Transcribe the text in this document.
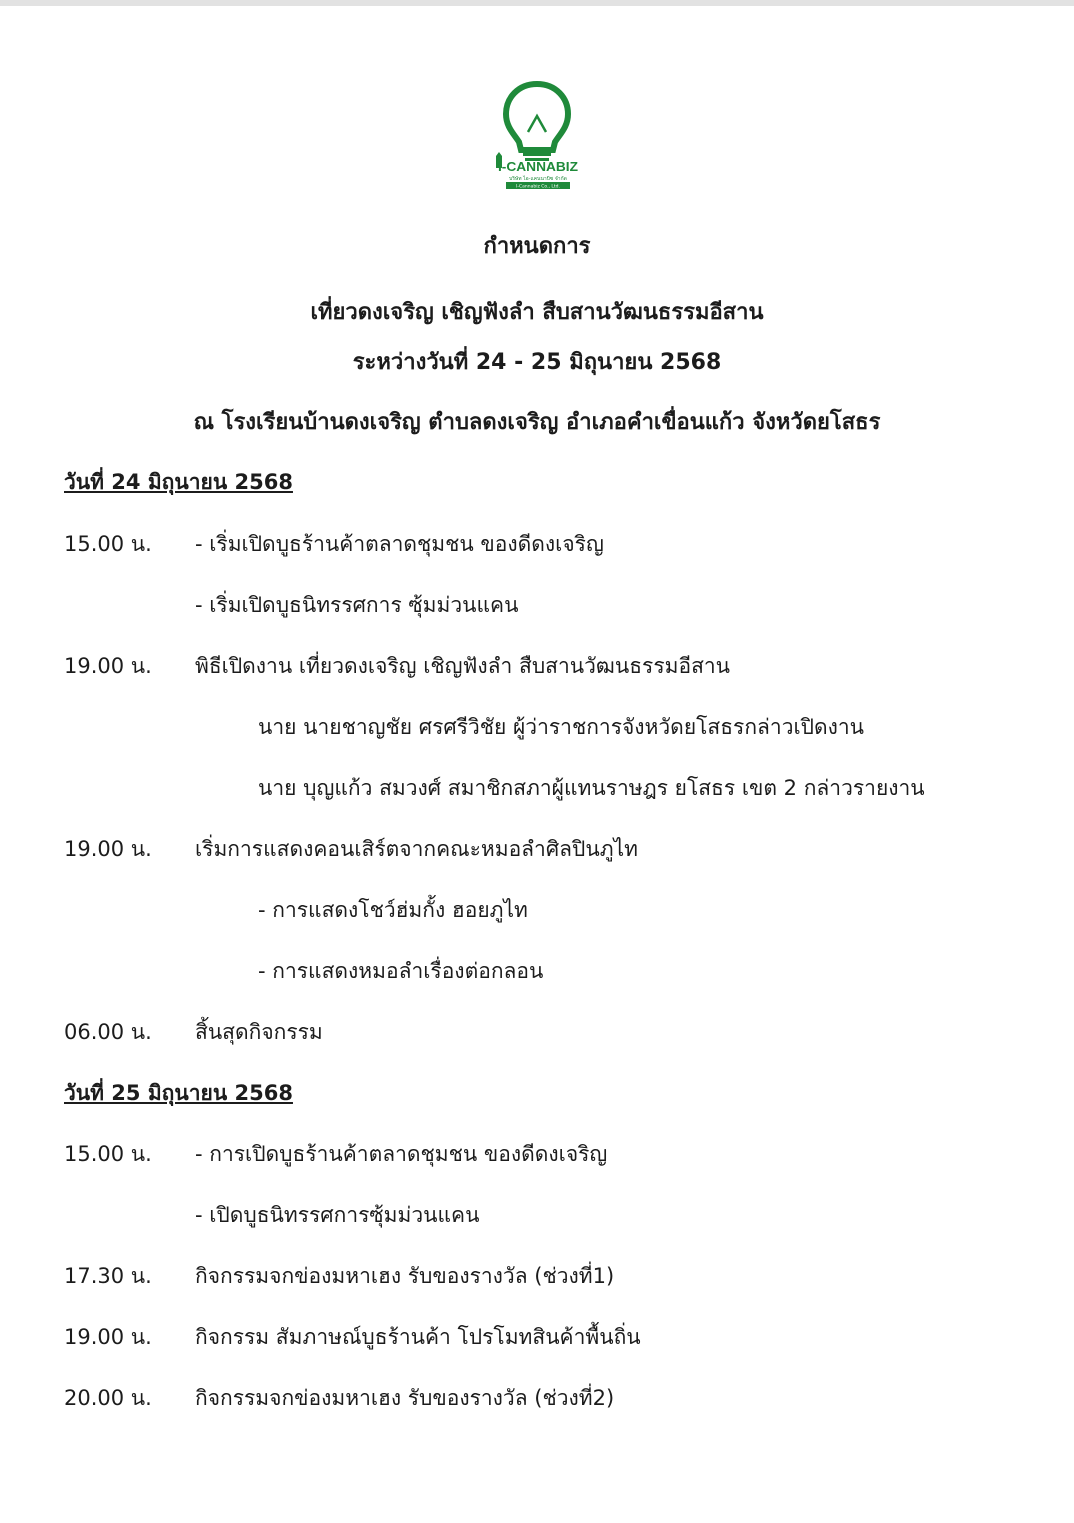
I-CANNABIZ
บริษัท ไอ-แคนนาบิซ จำกัด
I-Cannabiz Co., Ltd.
กำหนดการ
เที่ยวดงเจริญ เชิญฟังลำ สืบสานวัฒนธรรมอีสาน
ระหว่างวันที่ 24 - 25 มิถุนายน 2568
ณ โรงเรียนบ้านดงเจริญ ตำบลดงเจริญ อำเภอคำเขื่อนแก้ว จังหวัดยโสธร
วันที่ 24 มิถุนายน 2568
15.00 น. - เริ่มเปิดบูธร้านค้าตลาดชุมชน ของดีดงเจริญ
- เริ่มเปิดบูธนิทรรศการ ซุ้มม่วนแคน
19.00 น. พิธีเปิดงาน เที่ยวดงเจริญ เชิญฟังลำ สืบสานวัฒนธรรมอีสาน
นาย นายชาญชัย ศรศรีวิชัย ผู้ว่าราชการจังหวัดยโสธรกล่าวเปิดงาน
นาย บุญแก้ว สมวงศ์ สมาชิกสภาผู้แทนราษฎร ยโสธร เขต 2 กล่าวรายงาน
19.00 น. เริ่มการแสดงคอนเสิร์ตจากคณะหมอลำศิลปินภูไท
- การแสดงโชว์ฮ่มกั้ง ฮอยภูไท
- การแสดงหมอลำเรื่องต่อกลอน
06.00 น. สิ้นสุดกิจกรรม
วันที่ 25 มิถุนายน 2568
15.00 น. - การเปิดบูธร้านค้าตลาดชุมชน ของดีดงเจริญ
- เปิดบูธนิทรรศการซุ้มม่วนแคน
17.30 น. กิจกรรมจกข่องมหาเฮง รับของรางวัล (ช่วงที่1)
19.00 น. กิจกรรม สัมภาษณ์บูธร้านค้า โปรโมทสินค้าพื้นถิ่น
20.00 น. กิจกรรมจกข่องมหาเฮง รับของรางวัล (ช่วงที่2)
